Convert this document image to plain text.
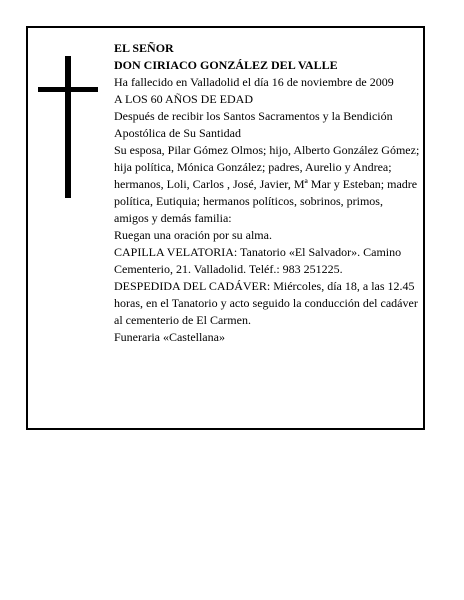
EL SEÑOR

DON CIRIACO GONZÁLEZ DEL VALLE

Ha fallecido en Valladolid el día 16 de noviembre de 2009

A LOS 60 AÑOS DE EDAD

Después de recibir los Santos Sacramentos y la Bendición Apostólica de Su Santidad

Su esposa, Pilar Gómez Olmos; hijo, Alberto González Gómez; hija política, Mónica González; padres, Aurelio y Andrea; hermanos, Loli, Carlos , José, Javier, Mª Mar y Esteban; madre política, Eutiquia; hermanos políticos, sobrinos, primos, amigos y demás familia:

Ruegan una oración por su alma.

CAPILLA VELATORIA: Tanatorio «El Salvador». Camino Cementerio, 21. Valladolid. Teléf.: 983 251225.

DESPEDIDA DEL CADÁVER: Miércoles, día 18, a las 12.45 horas, en el Tanatorio y acto seguido la conducción del cadáver al cementerio de El Carmen.

Funeraria «Castellana»
